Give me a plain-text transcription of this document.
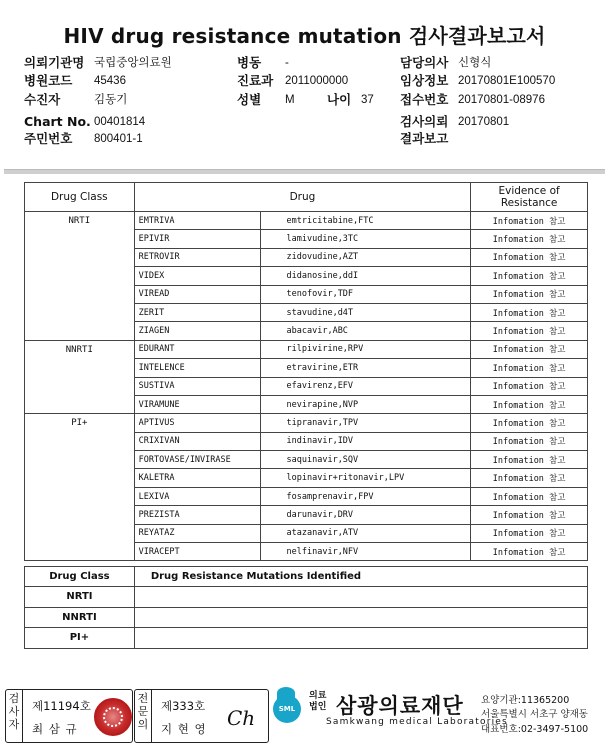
HIV drug resistance mutation 검사결과보고서
의뢰기관명 국립중앙의료원
병원코드 45436
수진자	김동기
Chart No. 00401814
주민번호 800401-1
병동 -
진료과 2011000000
성별 M	나이 37
담당의사 신형식
임상정보 20170801E100570
접수번호 20170801-08976
검사의뢰 20170801
결과보고
Drug Class	Drug		Evidence of Resistance
NRTI	EMTRIVA	emtricitabine,FTC	Infomation 참고
	EPIVIR	lamivudine,3TC	Infomation 참고
	RETROVIR	zidovudine,AZT	Infomation 참고
	VIDEX	didanosine,ddI	Infomation 참고
	VIREAD	tenofovir,TDF	Infomation 참고
	ZERIT	stavudine,d4T	Infomation 참고
	ZIAGEN	abacavir,ABC	Infomation 참고
NNRTI	EDURANT	rilpivirine,RPV	Infomation 참고
	INTELENCE	etravirine,ETR	Infomation 참고
	SUSTIVA	efavirenz,EFV	Infomation 참고
	VIRAMUNE	nevirapine,NVP	Infomation 참고
PI+	APTIVUS	tipranavir,TPV	Infomation 참고
	CRIXIVAN	indinavir,IDV	Infomation 참고
	FORTOVASE/INVIRASE	saquinavir,SQV	Infomation 참고
	KALETRA	lopinavir+ritonavir,LPV	Infomation 참고
	LEXIVA	fosamprenavir,FPV	Infomation 참고
	PREZISTA	darunavir,DRV	Infomation 참고
	REYATAZ	atazanavir,ATV	Infomation 참고
	VIRACEPT	nelfinavir,NFV	Infomation 참고
Drug Class	Drug Resistance Mutations Identified
NRTI	
NNRTI	
PI+	
검사자
제11194호
최 삼 규
전문의
제333호
지 현 영 Ch	SML
의료
법인 삼광의료재단
Samkwang medical Laboratories
요양기관:11365200
서울특별시 서초구 양재동
대표번호:02-3497-5100
